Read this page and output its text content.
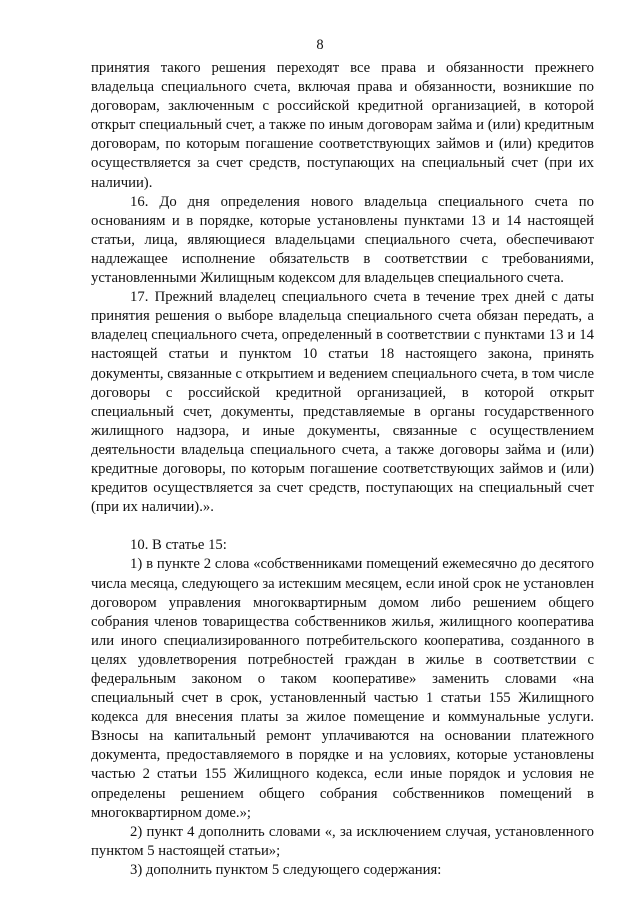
8

принятия такого решения переходят все права и обязанности прежнего владельца специального счета, включая права и обязанности, возникшие по договорам, заключенным с российской кредитной организацией, в которой открыт специальный счет, а также по иным договорам займа и (или) кредитным договорам, по которым погашение соответствующих займов и (или) кредитов осуществляется за счет средств, поступающих на специальный счет (при их наличии).

16. До дня определения нового владельца специального счета по основаниям и в порядке, которые установлены пунктами 13 и 14 настоящей статьи, лица, являющиеся владельцами специального счета, обеспечивают надлежащее исполнение обязательств в соответствии с требованиями, установленными Жилищным кодексом для владельцев специального счета.

17. Прежний владелец специального счета в течение трех дней с даты принятия решения о выборе владельца специального счета обязан передать, а владелец специального счета, определенный в соответствии с пунктами 13 и 14 настоящей статьи и пунктом 10 статьи 18 настоящего закона, принять документы, связанные с открытием и ведением специального счета, в том числе договоры с российской кредитной организацией, в которой открыт специальный счет, документы, представляемые в органы государственного жилищного надзора, и иные документы, связанные с осуществлением деятельности владельца специального счета, а также договоры займа и (или) кредитные договоры, по которым погашение соответствующих займов и (или) кредитов осуществляется за счет средств, поступающих на специальный счет (при их наличии).».

10. В статье 15:

1) в пункте 2 слова «собственниками помещений ежемесячно до десятого числа месяца, следующего за истекшим месяцем, если иной срок не установлен договором управления многоквартирным домом либо решением общего собрания членов товарищества собственников жилья, жилищного кооператива или иного специализированного потребительского кооператива, созданного в целях удовлетворения потребностей граждан в жилье в соответствии с федеральным законом о таком кооперативе» заменить словами «на специальный счет в срок, установленный частью 1 статьи 155 Жилищного кодекса для внесения платы за жилое помещение и коммунальные услуги. Взносы на капитальный ремонт уплачиваются на основании платежного документа, предоставляемого в порядке и на условиях, которые установлены частью 2 статьи 155 Жилищного кодекса, если иные порядок и условия не определены решением общего собрания собственников помещений в многоквартирном доме.»;

2) пункт 4 дополнить словами «, за исключением случая, установленного пунктом 5 настоящей статьи»;

3) дополнить пунктом 5 следующего содержания:
